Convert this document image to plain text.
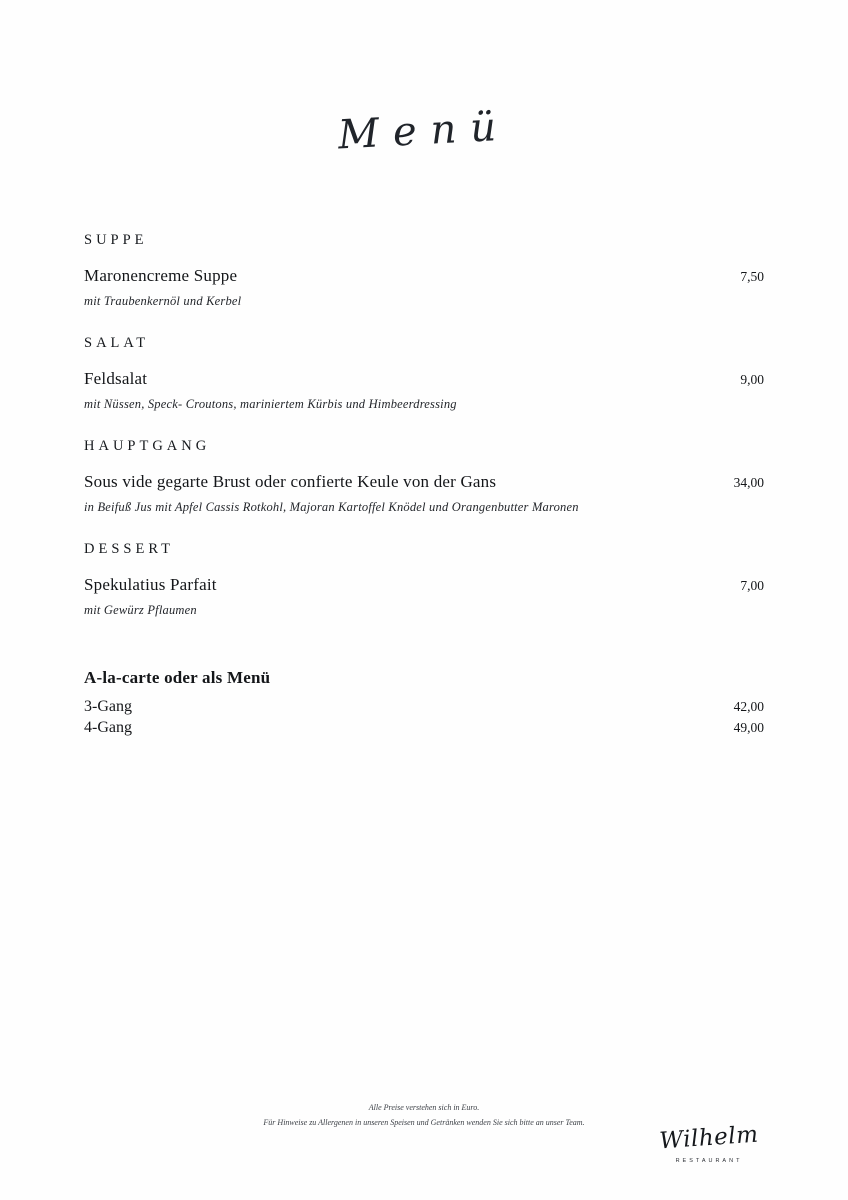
Menü
SUPPE
Maronencreme Suppe	7,50
mit Traubenkernöl und Kerbel
SALAT
Feldsalat	9,00
mit Nüssen, Speck- Croutons, mariniertem Kürbis und Himbeerdressing
HAUPTGANG
Sous vide gegarte Brust oder confierte Keule von der Gans	34,00
in Beifuß Jus mit Apfel Cassis Rotkohl, Majoran Kartoffel Knödel und Orangenbutter Maronen
DESSERT
Spekulatius Parfait	7,00
mit Gewürz Pflaumen
A-la-carte oder als Menü
3-Gang	42,00
4-Gang	49,00
Alle Preise verstehen sich in Euro.
Für Hinweise zu Allergenen in unseren Speisen und Getränken wenden Sie sich bitte an unser Team.	Wilhelm
RESTAURANT
